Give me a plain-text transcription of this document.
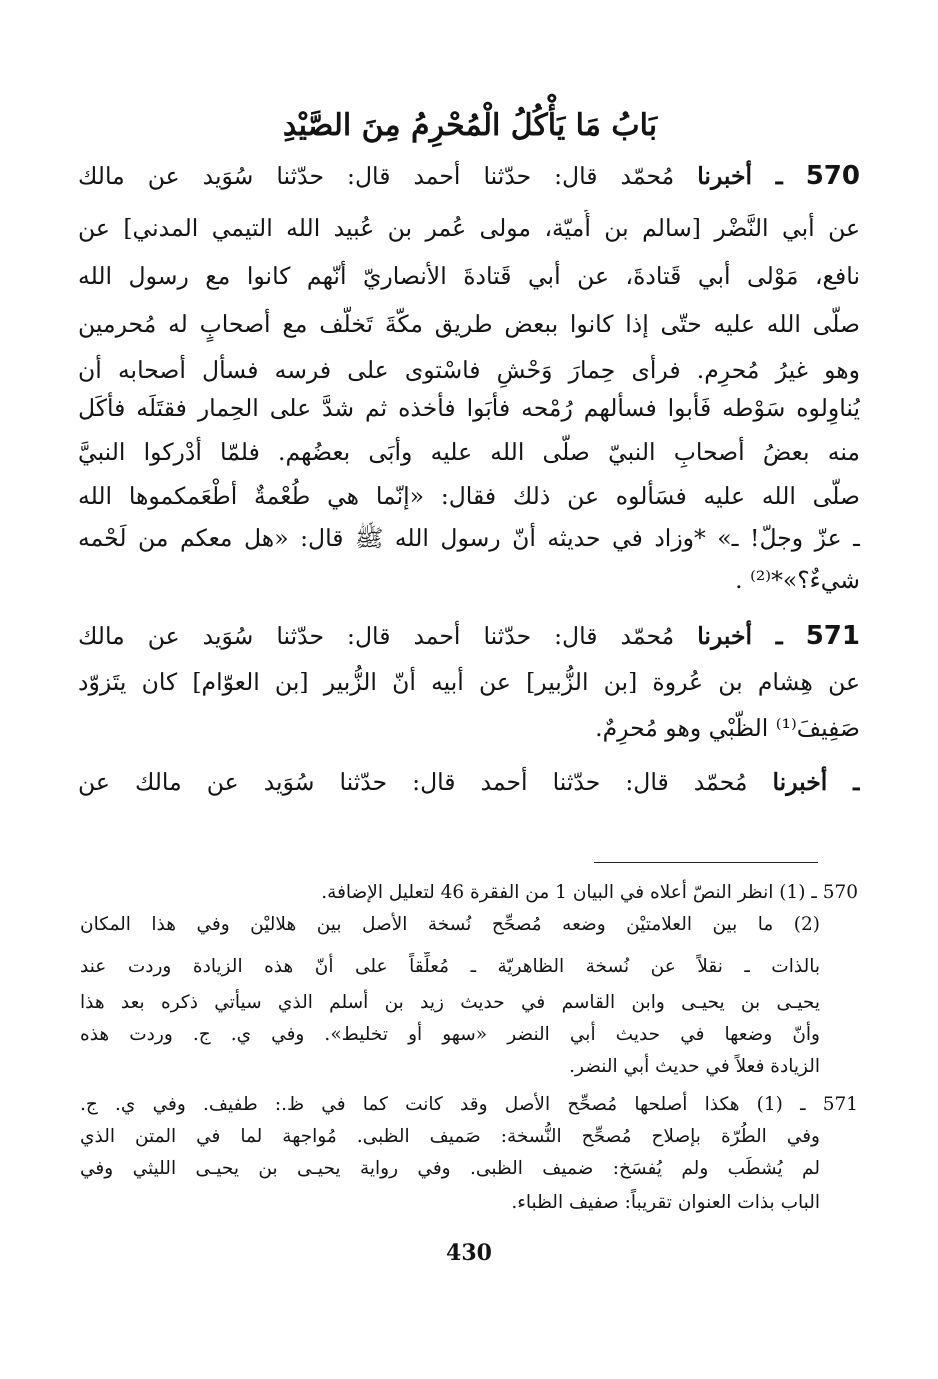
بَابُ مَا يَأْكُلُ الْمُحْرِمُ مِنَ الصَّيْدِ
570 ـ أخبرنا مُحمّد قال: حدّثنا أحمد قال: حدّثنا سُوَيد عن مالك
عن أبي النَّضْر [سالم بن أُميّة، مولى عُمر بن عُبيد الله التيمي المدني] عن
نافع، مَوْلى أبي قَتادةَ، عن أبي قَتادةَ الأنصاريّ أنّهم كانوا مع رسول الله
صلّى الله عليه حتّى إذا كانوا ببعض طريق مكّةَ تَخلّف مع أصحابٍ له مُحرمين
وهو غيرُ مُحرِم. فرأى حِمارَ وَحْشٍ فاسْتوى على فرسه فسأل أصحابه أن
يُناوِلوه سَوْطه فَأبوا فسألهم رُمْحه فأبَوا فأخذه ثم شدَّ على الحِمار فقتَلَه فأكَل
منه بعضُ أصحابِ النبيّ صلّى الله عليه وأبَى بعضُهم. فلمّا أدْركوا النبيَّ
صلّى الله عليه فسَألوه عن ذلك فقال: «إنّما هي طُعْمةٌ أطْعَمكموها الله
ـ عزّ وجلّ! ـ» *وزاد في حديثه أنّ رسول الله ﷺ قال: «هل معكم من لَحْمه
شيءٌ؟»*⁽²⁾ .
571 ـ أخبرنا مُحمّد قال: حدّثنا أحمد قال: حدّثنا سُوَيد عن مالك
عن هِشام بن عُروة [بن الزُّبير] عن أبيه أنّ الزُّبير [بن العوّام] كان يتَزوّد
صَفِيفَ⁽¹⁾ الظَّبْي وهو مُحرِمٌ.
ـ أخبرنا مُحمّد قال: حدّثنا أحمد قال: حدّثنا سُوَيد عن مالك عن
570 ـ (1) انظر النصّ أعلاه في البيان 1 من الفقرة 46 لتعليل الإضافة.
(2) ما بين العلامتيْن وضعه مُصحِّح نُسخة الأصل بين هلاليْن وفي هذا المكان
بالذات ـ نقلاً عن نُسخة الظاهريّة ـ مُعلِّقاً على أنّ هذه الزيادة وردت عند
يحيـى بن يحيـى وابن القاسم في حديث زيد بن أسلم الذي سيأتي ذكره بعد هذا
وأنّ وضعها في حديث أبي النضر «سهو أو تخليط». وفي ي. ج. وردت هذه
الزيادة فعلاً في حديث أبي النضر.
571 ـ (1) هكذا أصلحها مُصحِّح الأصل وقد كانت كما في ظ.: طفيف. وفي ي. ج.
وفي الطُرّة بإصلاح مُصحِّح النُّسخة: صَميف الظبى. مُواجهة لما في المتن الذي
لم يُشطَب ولم يُفسَخ: ضميف الظبى. وفي رواية يحيـى بن يحيـى الليثي وفي
الباب بذات العنوان تقريباً: صفيف الظباء.
430
